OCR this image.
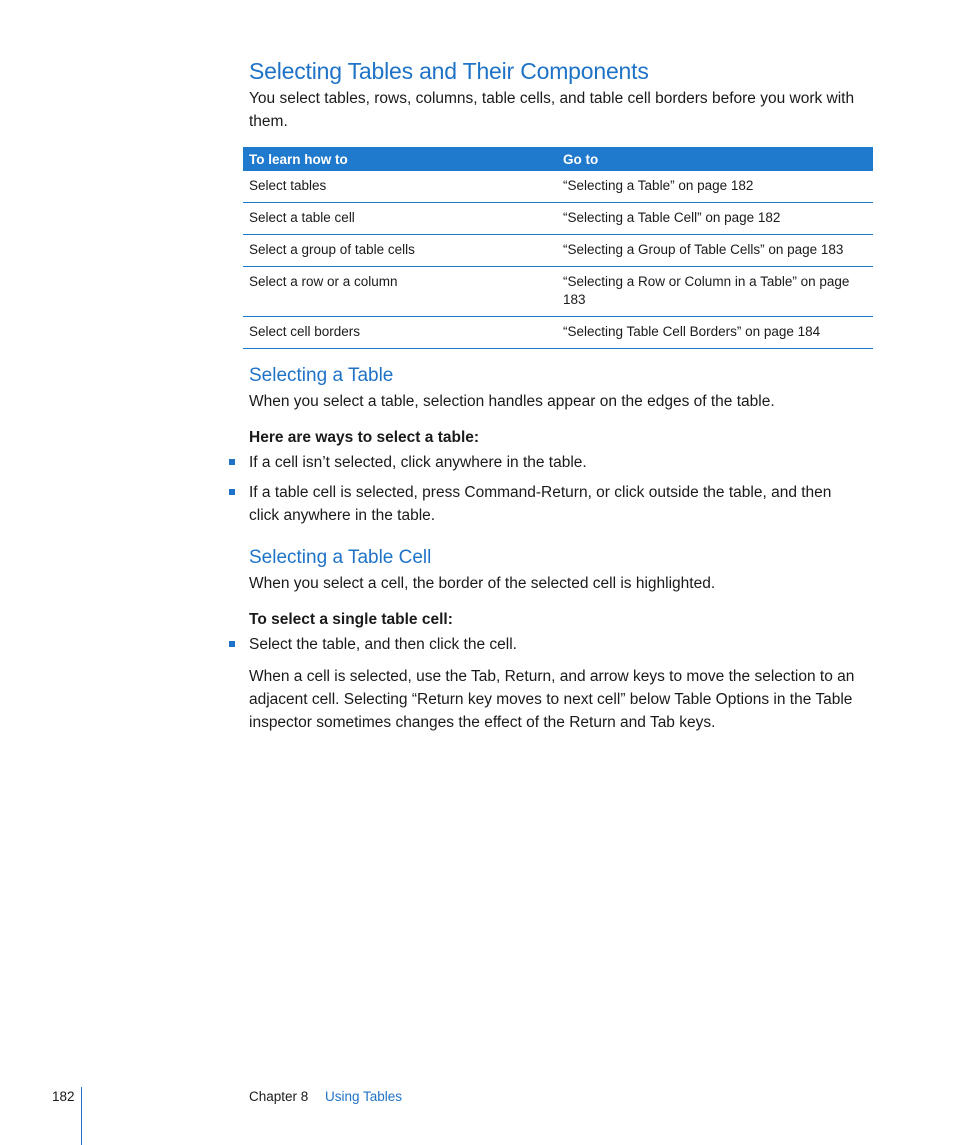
Selecting Tables and Their Components

You select tables, rows, columns, table cells, and table cell borders before you work with them.

To learn how to	Go to
Select tables	“Selecting a Table” on page 182
Select a table cell	“Selecting a Table Cell” on page 182
Select a group of table cells	“Selecting a Group of Table Cells” on page 183
Select a row or a column	“Selecting a Row or Column in a Table” on page 183
Select cell borders	“Selecting Table Cell Borders” on page 184
Selecting a Table

When you select a table, selection handles appear on the edges of the table.

Here are ways to select a table:
If a cell isn’t selected, click anywhere in the table.
If a table cell is selected, press Command-Return, or click outside the table, and then click anywhere in the table.
Selecting a Table Cell

When you select a cell, the border of the selected cell is highlighted.

To select a single table cell:
Select the table, and then click the cell.

When a cell is selected, use the Tab, Return, and arrow keys to move the selection to an adjacent cell. Selecting “Return key moves to next cell” below Table Options in the Table inspector sometimes changes the effect of the Return and Tab keys.

182	Chapter 8 Using Tables
